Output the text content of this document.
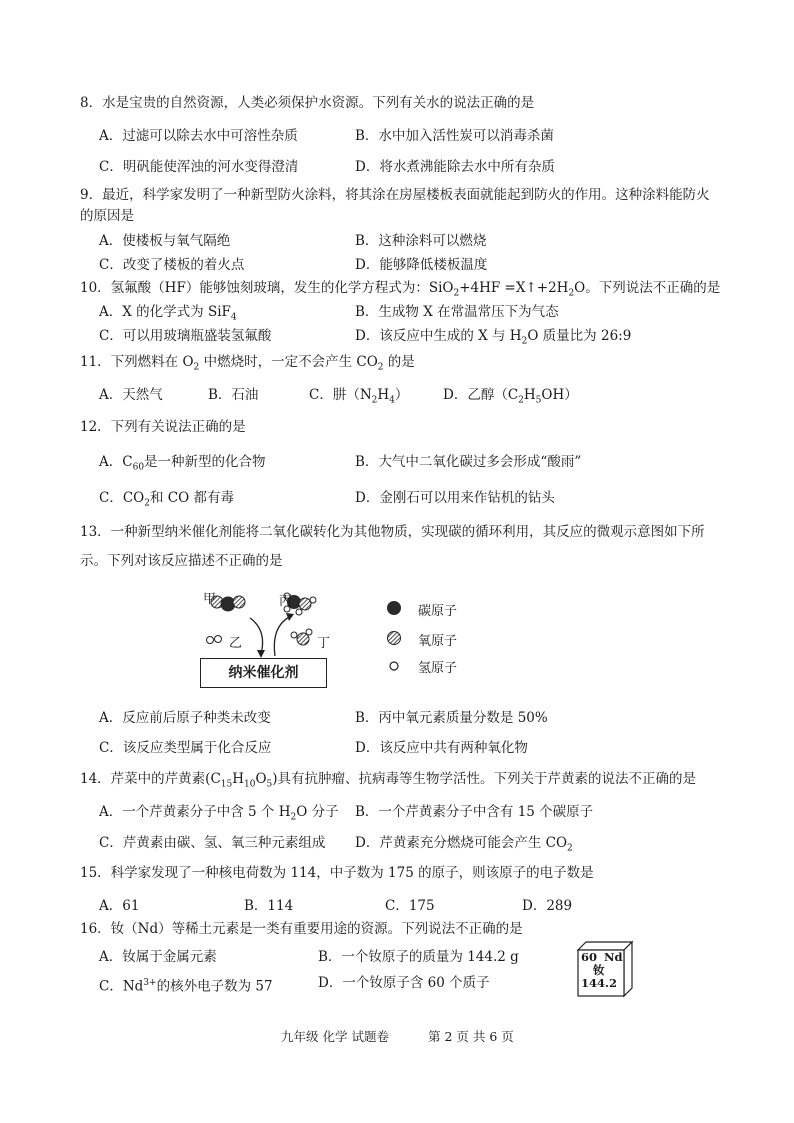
8．水是宝贵的自然资源，人类必须保护水资源。下列有关水的说法正确的是
A．过滤可以除去水中可溶性杂质	B．水中加入活性炭可以消毒杀菌
C．明矾能使浑浊的河水变得澄清	D．将水煮沸能除去水中所有杂质
9．最近，科学家发明了一种新型防火涂料，将其涂在房屋楼板表面就能起到防火的作用。这种涂料能防火
的原因是
A．使楼板与氧气隔绝	B．这种涂料可以燃烧
C．改变了楼板的着火点	D．能够降低楼板温度
10．氢氟酸（HF）能够蚀刻玻璃，发生的化学方程式为：$SiO_2+4HF =X↑+2H_2O$。下列说法不正确的是
A．X 的化学式为 SiF$_4$	B．生成物 X 在常温常压下为气态
C．可以用玻璃瓶盛装氢氟酸	D．该反应中生成的 X 与 $H_2O$ 质量比为 26:9
11．下列燃料在 $O_2$ 中燃烧时，一定不会产生 $CO_2$ 的是
A．天然气	B．石油	C．肼$(N_2H_4)$	D．乙醇$(C_2H_5OH)$
12．下列有关说法正确的是
A．$C_{60}$是一种新型的化合物	B．大气中二氧化碳过多会形成“酸雨”
C．$CO_2$和 CO 都有毒	D．金刚石可以用来作钻机的钻头
13．一种新型纳米催化剂能将二氧化碳转化为其他物质，实现碳的循环利用，其反应的微观示意图如下所
示。下列对该反应描述不正确的是
甲	丙
乙	丁
纳米催化剂
碳原子
氧原子
氢原子
A．反应前后原子种类未改变	B．丙中氧元素质量分数是 50%
C．该反应类型属于化合反应	D．该反应中共有两种氧化物
14．芹菜中的芹黄素$(C_{15}H_{10}O_5)$具有抗肿瘤、抗病毒等生物学活性。下列关于芹黄素的说法不正确的是
A．一个芹黄素分子中含 5 个 $H_2O$ 分子 B．一个芹黄素分子中含有 15 个碳原子
C．芹黄素由碳、氢、氧三种元素组成 D．芹黄素充分燃烧可能会产生 $CO_2$
15．科学家发现了一种核电荷数为 114，中子数为 175 的原子，则该原子的电子数是
A．61	B．114	C．175	D．289
16．钕（Nd）等稀土元素是一类有重要用途的资源。下列说法不正确的是
A．钕属于金属元素	B．一个钕原子的质量为 144.2 g
C．$Nd^{3+}$的核外电子数为 57	D．一个钕原子含 60 个质子
60 Nd
钕
144.2
九年级 化学 试题卷	第 2 页 共 6 页
